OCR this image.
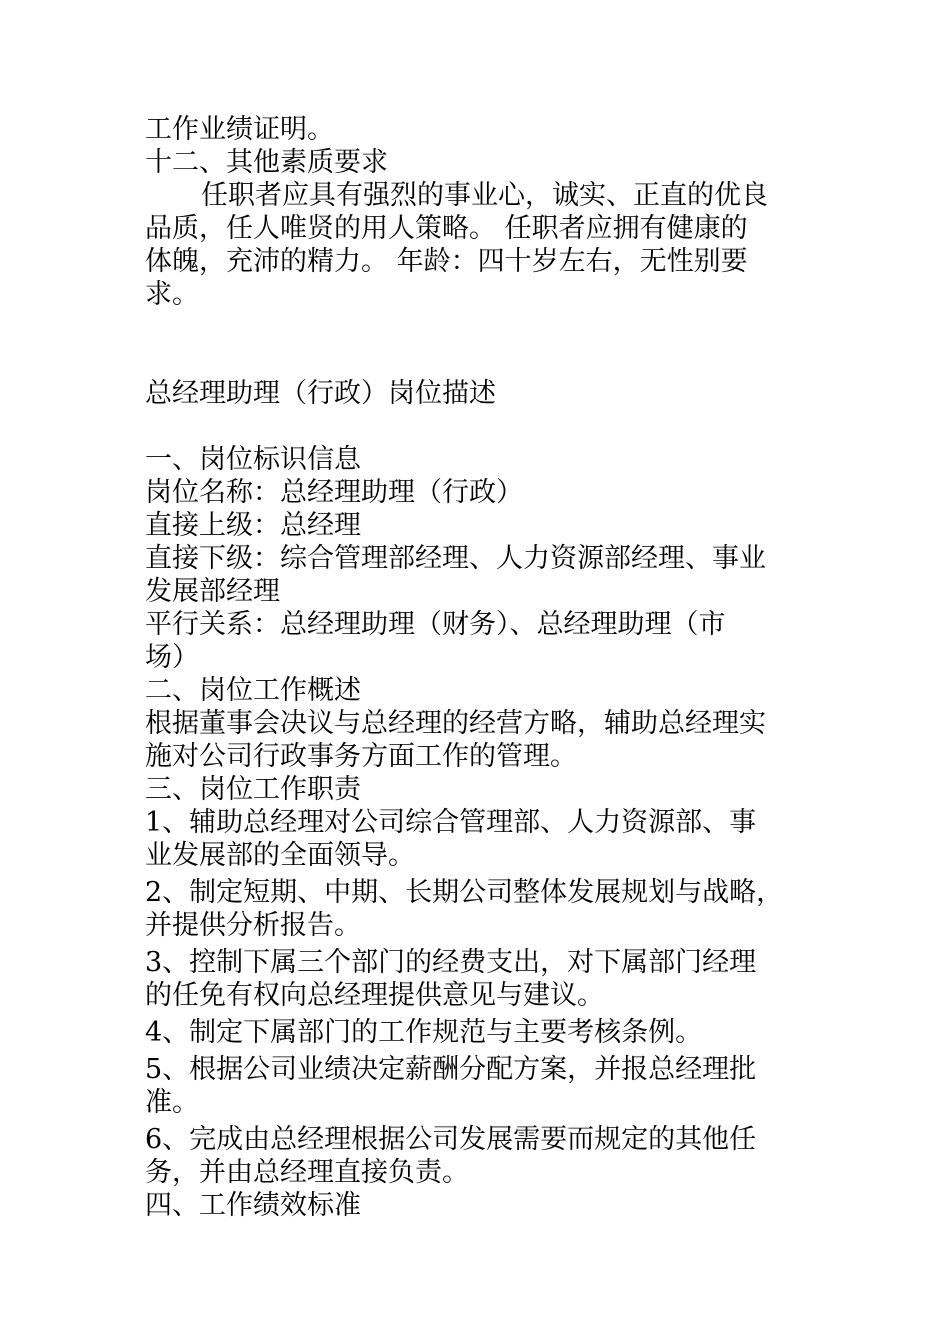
工作业绩证明。
十二、其他素质要求
任职者应具有强烈的事业心，诚实、正直的优良
品质，任人唯贤的用人策略。 任职者应拥有健康的
体魄，充沛的精力。 年龄：四十岁左右，无性别要
求。
总经理助理（行政）岗位描述
一、岗位标识信息
岗位名称：总经理助理（行政）
直接上级：总经理
直接下级：综合管理部经理、人力资源部经理、事业
发展部经理
平行关系：总经理助理（财务）、总经理助理（市
场）
二、岗位工作概述
根据董事会决议与总经理的经营方略，辅助总经理实
施对公司行政事务方面工作的管理。
三、岗位工作职责
1、辅助总经理对公司综合管理部、人力资源部、事
业发展部的全面领导。
2、制定短期、中期、长期公司整体发展规划与战略，
并提供分析报告。
3、控制下属三个部门的经费支出，对下属部门经理
的任免有权向总经理提供意见与建议。
4、制定下属部门的工作规范与主要考核条例。
5、根据公司业绩决定薪酬分配方案，并报总经理批
准。
6、完成由总经理根据公司发展需要而规定的其他任
务，并由总经理直接负责。
四、工作绩效标准
